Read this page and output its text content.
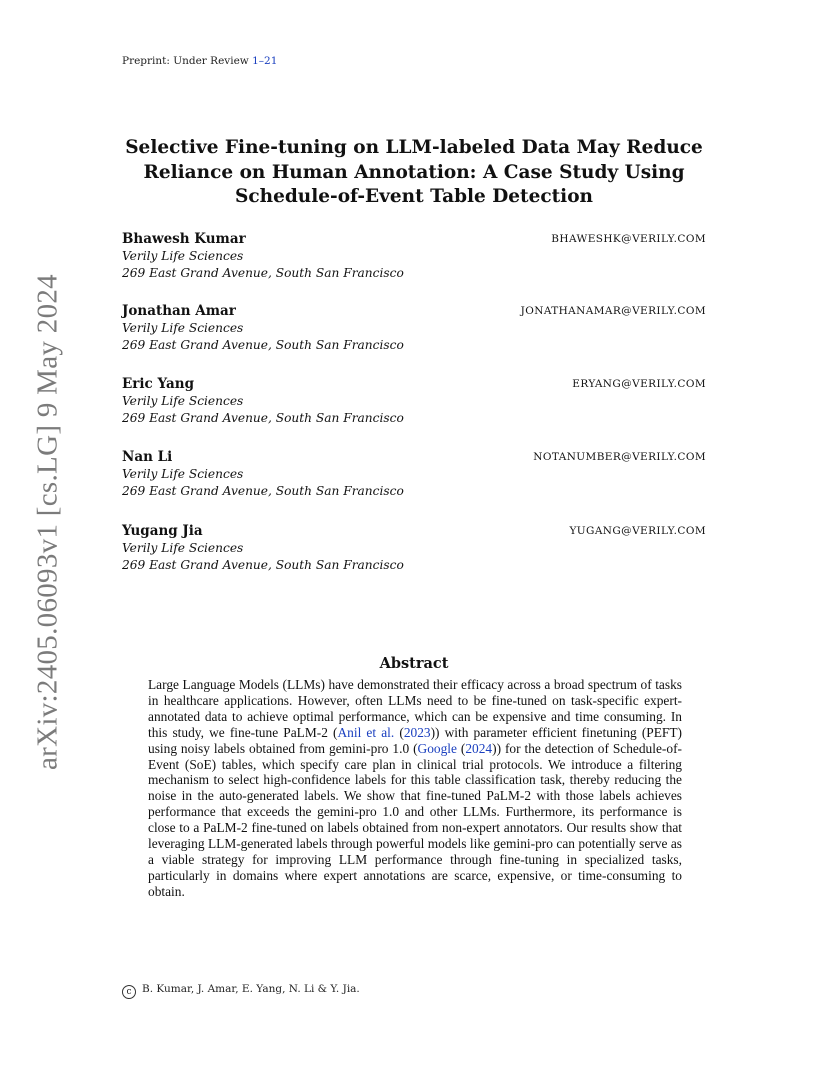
Preprint: Under Review 1–21
arXiv:2405.06093v1 [cs.LG] 9 May 2024
Selective Fine-tuning on LLM-labeled Data May Reduce
Reliance on Human Annotation: A Case Study Using
Schedule-of-Event Table Detection
Bhawesh Kumar
Verily Life Sciences
269 East Grand Avenue, South San Francisco
BHAWESHK@VERILY.COM
Jonathan Amar
Verily Life Sciences
269 East Grand Avenue, South San Francisco
JONATHANAMAR@VERILY.COM
Eric Yang
Verily Life Sciences
269 East Grand Avenue, South San Francisco
ERYANG@VERILY.COM
Nan Li
Verily Life Sciences
269 East Grand Avenue, South San Francisco
NOTANUMBER@VERILY.COM
Yugang Jia
Verily Life Sciences
269 East Grand Avenue, South San Francisco
YUGANG@VERILY.COM
Abstract
Large Language Models (LLMs) have demonstrated their efficacy across a broad spectrum of tasks in healthcare applications. However, often LLMs need to be fine-tuned on task-specific expert-annotated data to achieve optimal performance, which can be expensive and time consuming. In this study, we fine-tune PaLM-2 (Anil et al. (2023)) with parameter efficient finetuning (PEFT) using noisy labels obtained from gemini-pro 1.0 (Google (2024)) for the detection of Schedule-of-Event (SoE) tables, which specify care plan in clinical trial protocols. We introduce a filtering mechanism to select high-confidence labels for this table classification task, thereby reducing the noise in the auto-generated labels. We show that fine-tuned PaLM-2 with those labels achieves performance that exceeds the gemini-pro 1.0 and other LLMs. Furthermore, its performance is close to a PaLM-2 fine-tuned on labels obtained from non-expert annotators. Our results show that leveraging LLM-generated labels through powerful models like gemini-pro can potentially serve as a viable strategy for improving LLM performance through fine-tuning in specialized tasks, particularly in domains where expert annotations are scarce, expensive, or time-consuming to obtain.
c B. Kumar, J. Amar, E. Yang, N. Li & Y. Jia.
